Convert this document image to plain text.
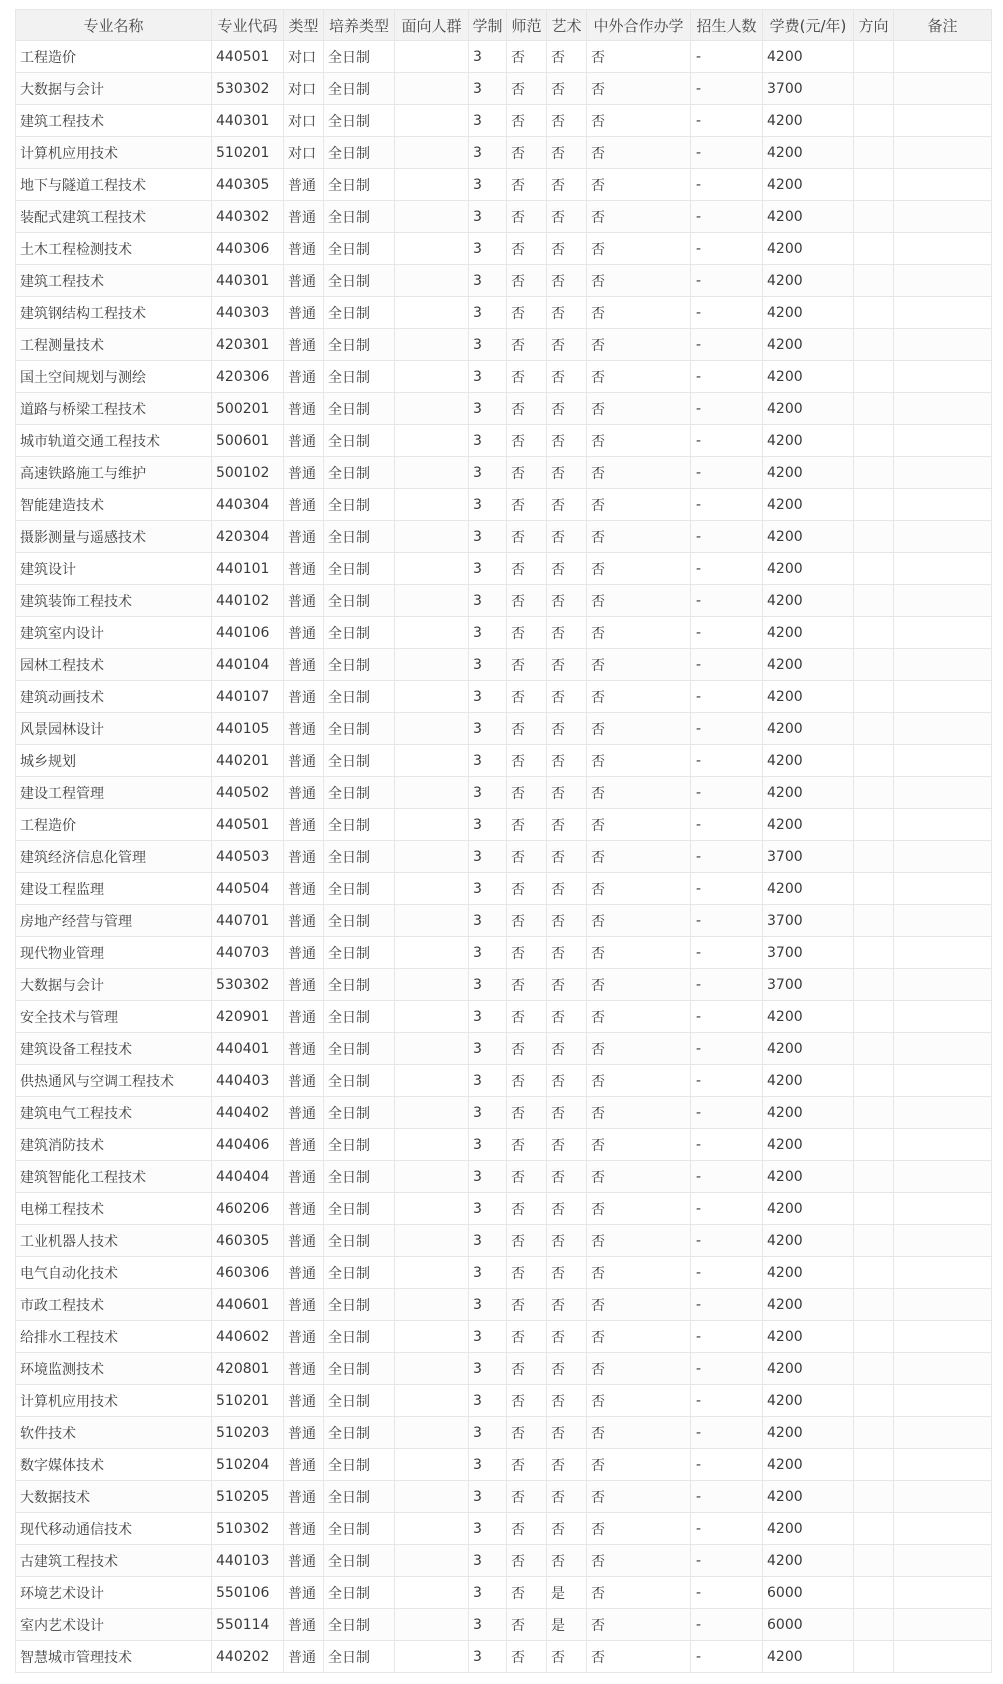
专业名称	专业代码	类型	培养类型	面向人群	学制	师范	艺术	中外合作办学	招生人数	学费(元/年)	方向	备注
工程造价	440501	对口	全日制		3	否	否	否	-	4200		
大数据与会计	530302	对口	全日制		3	否	否	否	-	3700		
建筑工程技术	440301	对口	全日制		3	否	否	否	-	4200		
计算机应用技术	510201	对口	全日制		3	否	否	否	-	4200		
地下与隧道工程技术	440305	普通	全日制		3	否	否	否	-	4200		
装配式建筑工程技术	440302	普通	全日制		3	否	否	否	-	4200		
土木工程检测技术	440306	普通	全日制		3	否	否	否	-	4200		
建筑工程技术	440301	普通	全日制		3	否	否	否	-	4200		
建筑钢结构工程技术	440303	普通	全日制		3	否	否	否	-	4200		
工程测量技术	420301	普通	全日制		3	否	否	否	-	4200		
国土空间规划与测绘	420306	普通	全日制		3	否	否	否	-	4200		
道路与桥梁工程技术	500201	普通	全日制		3	否	否	否	-	4200		
城市轨道交通工程技术	500601	普通	全日制		3	否	否	否	-	4200		
高速铁路施工与维护	500102	普通	全日制		3	否	否	否	-	4200		
智能建造技术	440304	普通	全日制		3	否	否	否	-	4200		
摄影测量与遥感技术	420304	普通	全日制		3	否	否	否	-	4200		
建筑设计	440101	普通	全日制		3	否	否	否	-	4200		
建筑装饰工程技术	440102	普通	全日制		3	否	否	否	-	4200		
建筑室内设计	440106	普通	全日制		3	否	否	否	-	4200		
园林工程技术	440104	普通	全日制		3	否	否	否	-	4200		
建筑动画技术	440107	普通	全日制		3	否	否	否	-	4200		
风景园林设计	440105	普通	全日制		3	否	否	否	-	4200		
城乡规划	440201	普通	全日制		3	否	否	否	-	4200		
建设工程管理	440502	普通	全日制		3	否	否	否	-	4200		
工程造价	440501	普通	全日制		3	否	否	否	-	4200		
建筑经济信息化管理	440503	普通	全日制		3	否	否	否	-	3700		
建设工程监理	440504	普通	全日制		3	否	否	否	-	4200		
房地产经营与管理	440701	普通	全日制		3	否	否	否	-	3700		
现代物业管理	440703	普通	全日制		3	否	否	否	-	3700		
大数据与会计	530302	普通	全日制		3	否	否	否	-	3700		
安全技术与管理	420901	普通	全日制		3	否	否	否	-	4200		
建筑设备工程技术	440401	普通	全日制		3	否	否	否	-	4200		
供热通风与空调工程技术	440403	普通	全日制		3	否	否	否	-	4200		
建筑电气工程技术	440402	普通	全日制		3	否	否	否	-	4200		
建筑消防技术	440406	普通	全日制		3	否	否	否	-	4200		
建筑智能化工程技术	440404	普通	全日制		3	否	否	否	-	4200		
电梯工程技术	460206	普通	全日制		3	否	否	否	-	4200		
工业机器人技术	460305	普通	全日制		3	否	否	否	-	4200		
电气自动化技术	460306	普通	全日制		3	否	否	否	-	4200		
市政工程技术	440601	普通	全日制		3	否	否	否	-	4200		
给排水工程技术	440602	普通	全日制		3	否	否	否	-	4200		
环境监测技术	420801	普通	全日制		3	否	否	否	-	4200		
计算机应用技术	510201	普通	全日制		3	否	否	否	-	4200		
软件技术	510203	普通	全日制		3	否	否	否	-	4200		
数字媒体技术	510204	普通	全日制		3	否	否	否	-	4200		
大数据技术	510205	普通	全日制		3	否	否	否	-	4200		
现代移动通信技术	510302	普通	全日制		3	否	否	否	-	4200		
古建筑工程技术	440103	普通	全日制		3	否	否	否	-	4200		
环境艺术设计	550106	普通	全日制		3	否	是	否	-	6000		
室内艺术设计	550114	普通	全日制		3	否	是	否	-	6000		
智慧城市管理技术	440202	普通	全日制		3	否	否	否	-	4200		
